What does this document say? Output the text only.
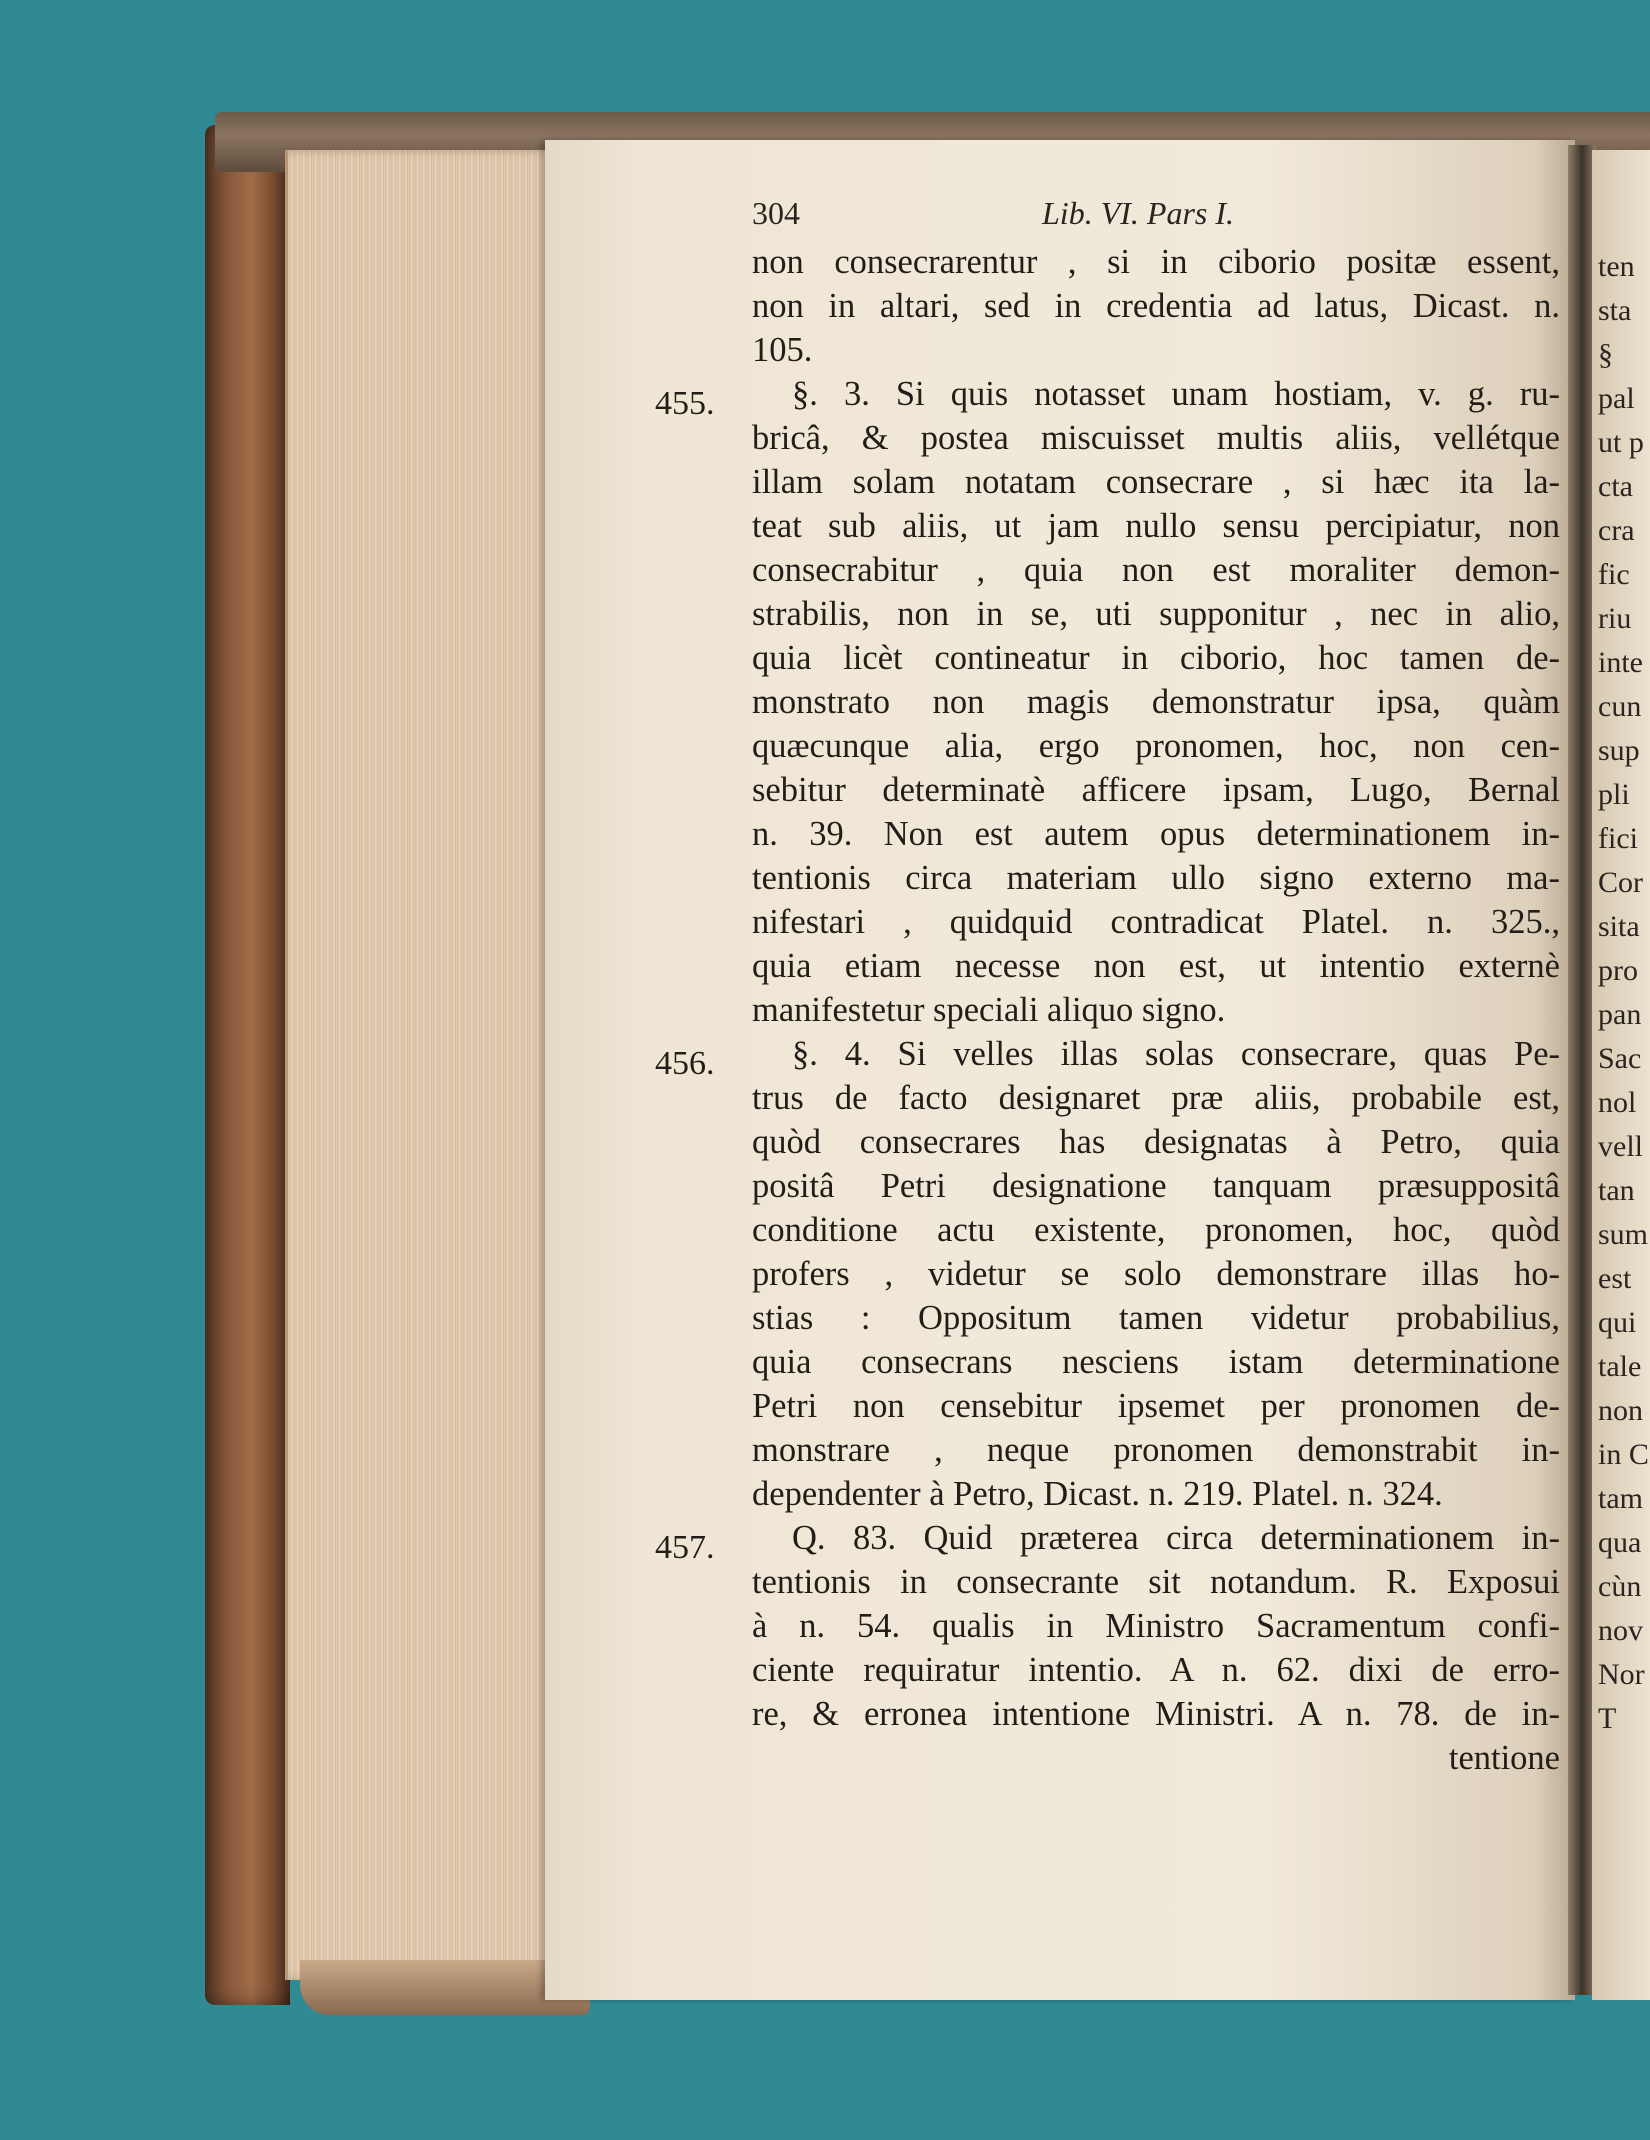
ten
sta
§
pal
ut p
cta
cra
fic
riu
inte
cun
sup
pli
fici
Cor
sita
pro
pan
Sac
nol
vell
tan
sum
est
qui
tale
non
in C
tam
qua
cùn
nov
Nor
T
304	Lib. VI. Pars I.
455.
456.
457.
non consecrarentur , si in ciborio positæ essent,
non in altari, sed in credentia ad latus, Dicast. n.
105.
§. 3. Si quis notasset unam hostiam, v. g. ru-
bricâ, & postea miscuisset multis aliis, vellétque
illam solam notatam consecrare , si hæc ita la-
teat sub aliis, ut jam nullo sensu percipiatur, non
consecrabitur , quia non est moraliter demon-
strabilis, non in se, uti supponitur , nec in alio,
quia licèt contineatur in ciborio, hoc tamen de-
monstrato non magis demonstratur ipsa, quàm
quæcunque alia, ergo pronomen, hoc, non cen-
sebitur determinatè afficere ipsam, Lugo, Bernal
n. 39. Non est autem opus determinationem in-
tentionis circa materiam ullo signo externo ma-
nifestari , quidquid contradicat Platel. n. 325.,
quia etiam necesse non est, ut intentio externè
manifestetur speciali aliquo signo.
§. 4. Si velles illas solas consecrare, quas Pe-
trus de facto designaret præ aliis, probabile est,
quòd consecrares has designatas à Petro, quia
positâ Petri designatione tanquam præsuppositâ
conditione actu existente, pronomen, hoc, quòd
profers , videtur se solo demonstrare illas ho-
stias : Oppositum tamen videtur probabilius,
quia consecrans nesciens istam determinatione
Petri non censebitur ipsemet per pronomen de-
monstrare , neque pronomen demonstrabit in-
dependenter à Petro, Dicast. n. 219. Platel. n. 324.
Q. 83. Quid præterea circa determinationem in-
tentionis in consecrante sit notandum. R. Exposui
à n. 54. qualis in Ministro Sacramentum confi-
ciente requiratur intentio. A n. 62. dixi de erro-
re, & erronea intentione Ministri. A n. 78. de in-
tentione
